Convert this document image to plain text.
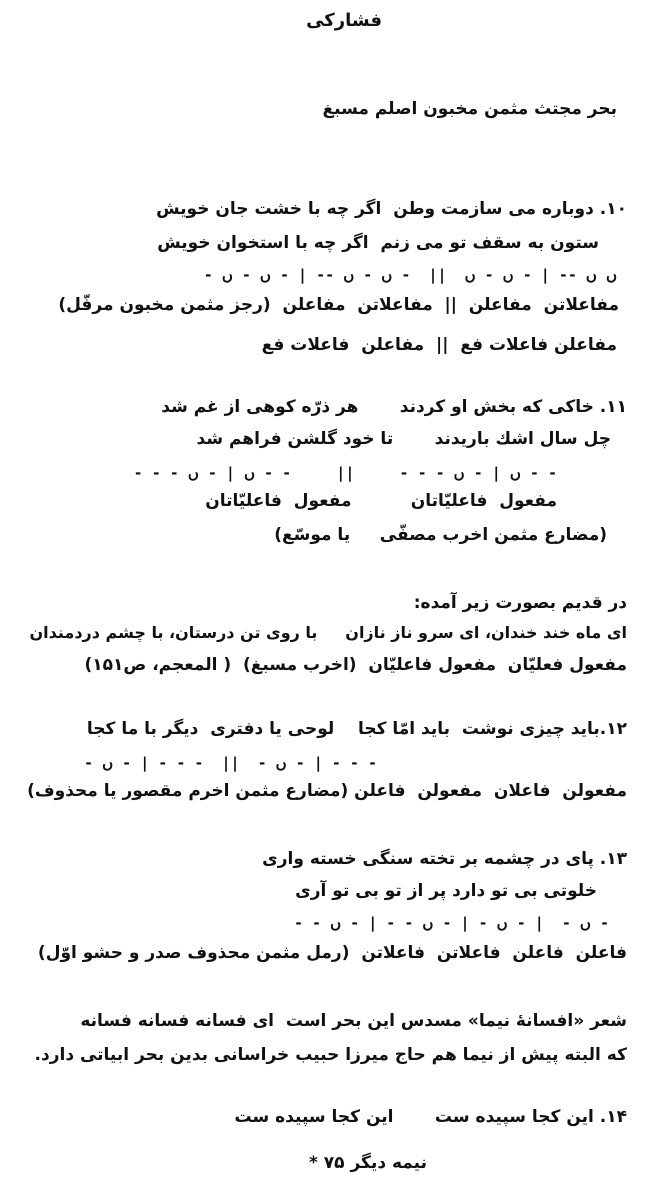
فشارکی
بحر مجتث مثمن مخبون اصلم مسبغ
۱۰. دوباره می سازمت وطن  اگر چه با خشت جان خویش
ستون به سقف تو می زنم  اگر چه با استخوان خویش
ں ں -- | - ں - ں  ||  - ں - ں -- | - ں - ں -
مفاعلاتن  مفاعلن  ||  مفاعلاتن  مفاعلن  (رجز مثمن مخبون مرفّل)
مفاعلن فاعلات فع  ||  مفاعلن  فاعلات فع
۱۱. خاکی که بخش او کردند       هر ذرّه کوهی از غم شد
چل سال اشك باريدند       تا خود گلشن فراهم شد
- - ں | - ں - - -     ||     - - ں | - ں - - -
مفعول  فاعلیّاتان          مفعول  فاعلیّاتان
(مضارع مثمن اخرب مصفّی     یا موسّع)
در قدیم بصورت زیر آمده:
ای ماه خند خندان، ای سرو ناز نازان     با روی تن درستان، با چشم دردمندان
مفعول فعلیّان  مفعول فاعلیّان  (اخرب مسبغ)  ( المعجم، ص۱۵۱)
۱۲.باید چیزی نوشت  باید امّا کجا    لوحی یا دفتری  دیگر با ما کجا
- - - | - ں -  ||  - - - | - ں -
مفعولن  فاعلان  مفعولن  فاعلن (مضارع مثمن اخرم مقصور یا محذوف)
۱۳. پای در چشمه بر تخته سنگی خسته واری
خلوتی بی تو دارد پر از تو بی تو آری
- ں -  | - ں - | - ں - - | - ں - -
فاعلن  فاعلن  فاعلاتن  فاعلاتن  (رمل مثمن محذوف صدر و حشو اوّل)
شعر «افسانهٔ نیما» مسدس این بحر است  ای فسانه فسانه فسانه
که البته پیش از نیما هم حاج میرزا حبیب خراسانی بدین بحر ابیاتی دارد.
۱۴. این کجا سپیده ست       این کجا سپیده ست
نیمه دیگر ۷۵ *
